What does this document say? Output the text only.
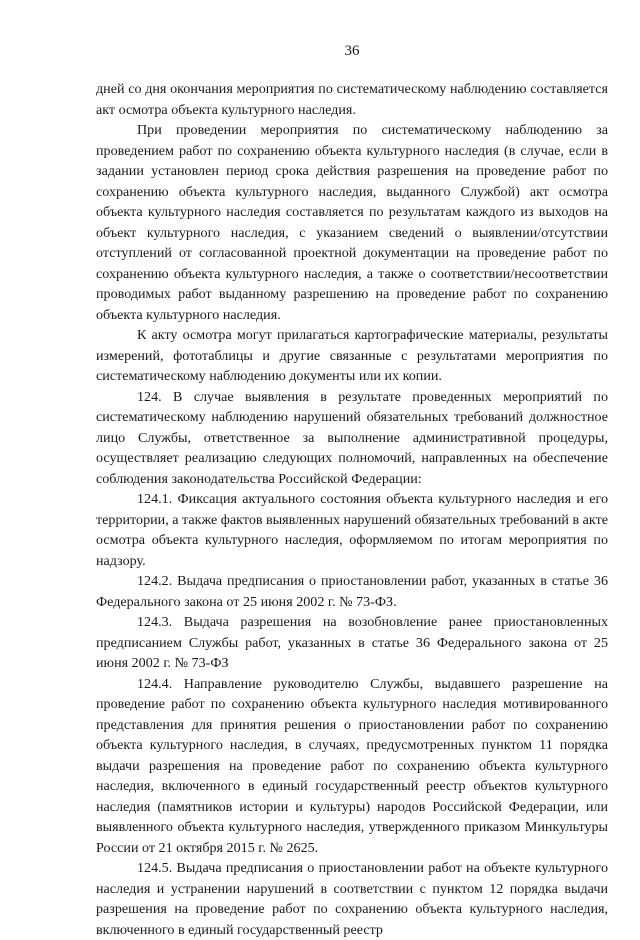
36

дней со дня окончания мероприятия по систематическому наблюдению составляется акт осмотра объекта культурного наследия.

При проведении мероприятия по систематическому наблюдению за проведением работ по сохранению объекта культурного наследия (в случае, если в задании установлен период срока действия разрешения на проведение работ по сохранению объекта культурного наследия, выданного Службой) акт осмотра объекта культурного наследия составляется по результатам каждого из выходов на объект культурного наследия, с указанием сведений о выявлении/отсутствии отступлений от согласованной проектной документации на проведение работ по сохранению объекта культурного наследия, а также о соответствии/несоответствии проводимых работ выданному разрешению на проведение работ по сохранению объекта культурного наследия.

К акту осмотра могут прилагаться картографические материалы, результаты измерений, фототаблицы и другие связанные с результатами мероприятия по систематическому наблюдению документы или их копии.

124. В случае выявления в результате проведенных мероприятий по систематическому наблюдению нарушений обязательных требований должностное лицо Службы, ответственное за выполнение административной процедуры, осуществляет реализацию следующих полномочий, направленных на обеспечение соблюдения законодательства Российской Федерации:

124.1. Фиксация актуального состояния объекта культурного наследия и его территории, а также фактов выявленных нарушений обязательных требований в акте осмотра объекта культурного наследия, оформляемом по итогам мероприятия по надзору.

124.2. Выдача предписания о приостановлении работ, указанных в статье 36 Федерального закона от 25 июня 2002 г. № 73-ФЗ.

124.3. Выдача разрешения на возобновление ранее приостановленных предписанием Службы работ, указанных в статье 36 Федерального закона от 25 июня 2002 г. № 73-ФЗ

124.4. Направление руководителю Службы, выдавшего разрешение на проведение работ по сохранению объекта культурного наследия мотивированного представления для принятия решения о приостановлении работ по сохранению объекта культурного наследия, в случаях, предусмотренных пунктом 11 порядка выдачи разрешения на проведение работ по сохранению объекта культурного наследия, включенного в единый государственный реестр объектов культурного наследия (памятников истории и культуры) народов Российской Федерации, или выявленного объекта культурного наследия, утвержденного приказом Минкультуры России от 21 октября 2015 г. № 2625.

124.5. Выдача предписания о приостановлении работ на объекте культурного наследия и устранении нарушений в соответствии с пунктом 12 порядка выдачи разрешения на проведение работ по сохранению объекта культурного наследия, включенного в единый государственный реестр
